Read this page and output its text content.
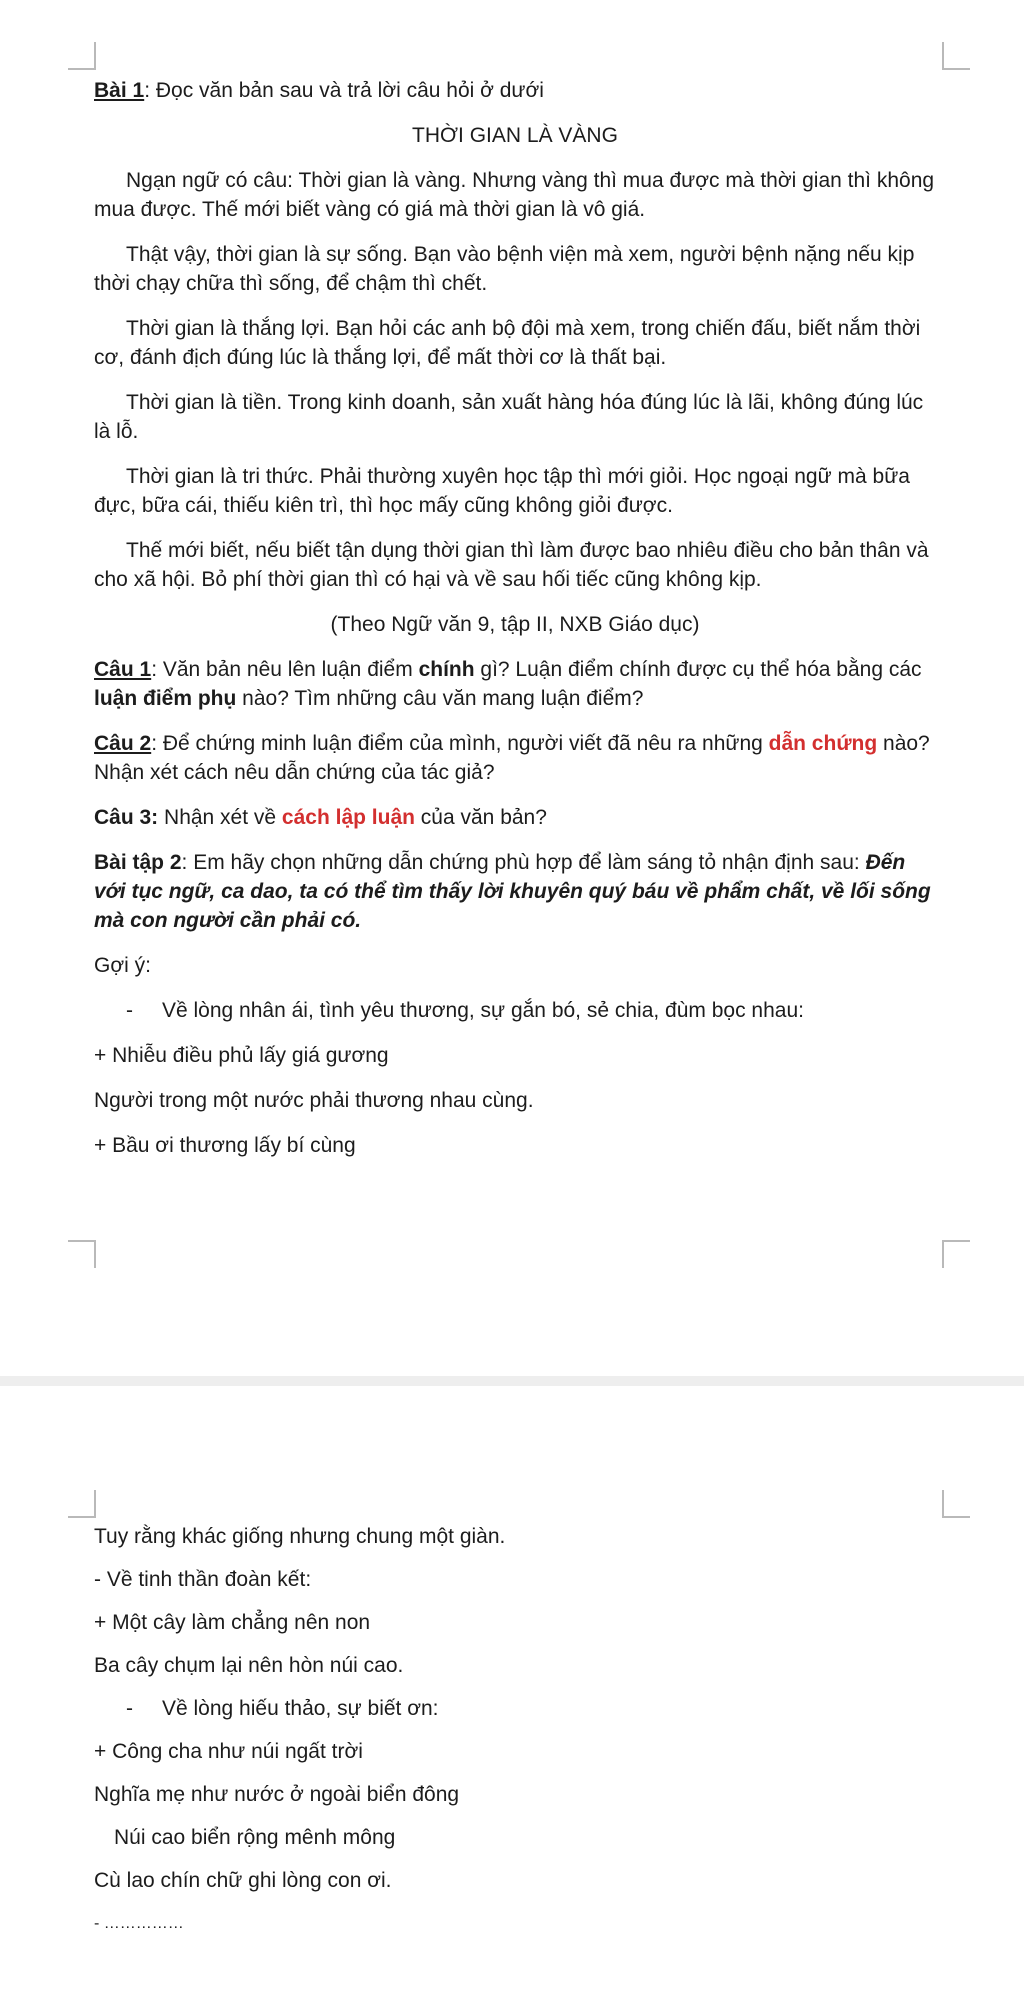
Bài 1: Đọc văn bản sau và trả lời câu hỏi ở dưới

THỜI GIAN LÀ VÀNG

Ngạn ngữ có câu: Thời gian là vàng. Nhưng vàng thì mua được mà thời gian thì không mua được. Thế mới biết vàng có giá mà thời gian là vô giá.

Thật vậy, thời gian là sự sống. Bạn vào bệnh viện mà xem, người bệnh nặng nếu kịp thời chạy chữa thì sống, để chậm thì chết.

Thời gian là thắng lợi. Bạn hỏi các anh bộ đội mà xem, trong chiến đấu, biết nắm thời cơ, đánh địch đúng lúc là thắng lợi, để mất thời cơ là thất bại.

Thời gian là tiền. Trong kinh doanh, sản xuất hàng hóa đúng lúc là lãi, không đúng lúc là lỗ.

Thời gian là tri thức. Phải thường xuyên học tập thì mới giỏi. Học ngoại ngữ mà bữa đực, bữa cái, thiếu kiên trì, thì học mấy cũng không giỏi được.

Thế mới biết, nếu biết tận dụng thời gian thì làm được bao nhiêu điều cho bản thân và cho xã hội. Bỏ phí thời gian thì có hại và về sau hối tiếc cũng không kịp.

(Theo Ngữ văn 9, tập II, NXB Giáo dục)

Câu 1: Văn bản nêu lên luận điểm chính gì? Luận điểm chính được cụ thể hóa bằng các luận điểm phụ nào? Tìm những câu văn mang luận điểm?

Câu 2: Để chứng minh luận điểm của mình, người viết đã nêu ra những dẫn chứng nào? Nhận xét cách nêu dẫn chứng của tác giả?

Câu 3: Nhận xét về cách lập luận của văn bản?

Bài tập 2: Em hãy chọn những dẫn chứng phù hợp để làm sáng tỏ nhận định sau: Đến với tục ngữ, ca dao, ta có thể tìm thấy lời khuyên quý báu về phẩm chất, về lối sống mà con người cần phải có.

Gợi ý:

- Về lòng nhân ái, tình yêu thương, sự gắn bó, sẻ chia, đùm bọc nhau:

+ Nhiễu điều phủ lấy giá gương

Người trong một nước phải thương nhau cùng.

+ Bầu ơi thương lấy bí cùng

Tuy rằng khác giống nhưng chung một giàn.

- Về tinh thần đoàn kết:

+ Một cây làm chẳng nên non

Ba cây chụm lại nên hòn núi cao.

- Về lòng hiếu thảo, sự biết ơn:

+ Công cha như núi ngất trời

Nghĩa mẹ như nước ở ngoài biển đông

Núi cao biển rộng mênh mông

Cù lao chín chữ ghi lòng con ơi.

- ……………
